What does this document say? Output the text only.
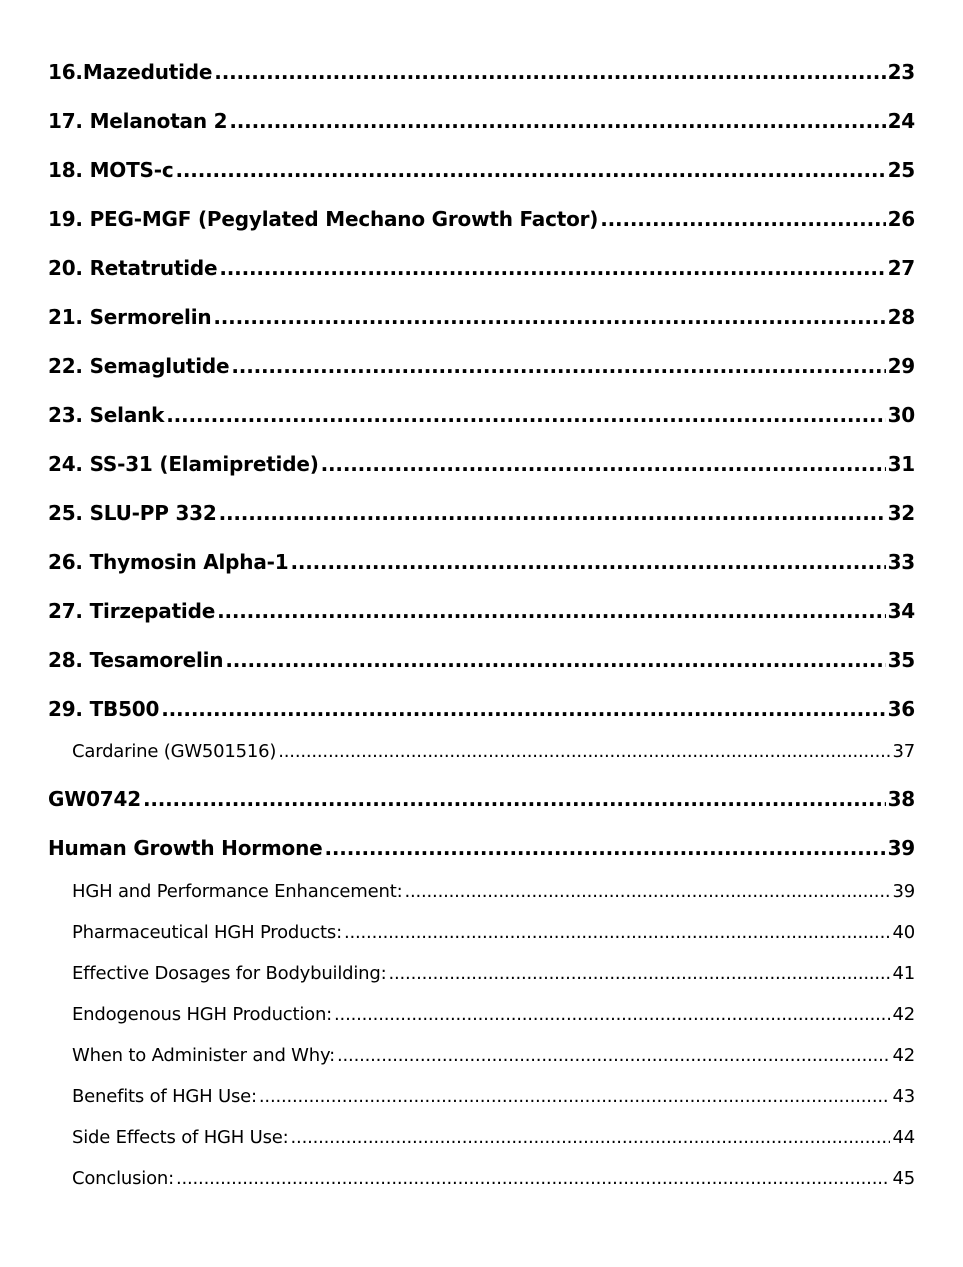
16.Mazedutide .....	23
17. Melanotan 2 .....	24
18. MOTS-c .....	25
19. PEG-MGF (Pegylated Mechano Growth Factor) .....	26
20. Retatrutide .....	27
21. Sermorelin .....	28
22. Semaglutide .....	29
23. Selank .....	30
24. SS-31 (Elamipretide) .....	31
25. SLU-PP 332 .....	32
26. Thymosin Alpha-1 .....	33
27. Tirzepatide .....	34
28. Tesamorelin .....	35
29. TB500 .....	36
Cardarine (GW501516) .....	37
GW0742 .....	38
Human Growth Hormone .....	39
HGH and Performance Enhancement: .....	39
Pharmaceutical HGH Products: .....	40
Effective Dosages for Bodybuilding: .....	41
Endogenous HGH Production: .....	42
When to Administer and Why: .....	42
Benefits of HGH Use: .....	43
Side Effects of HGH Use: .....	44
Conclusion: .....	45
